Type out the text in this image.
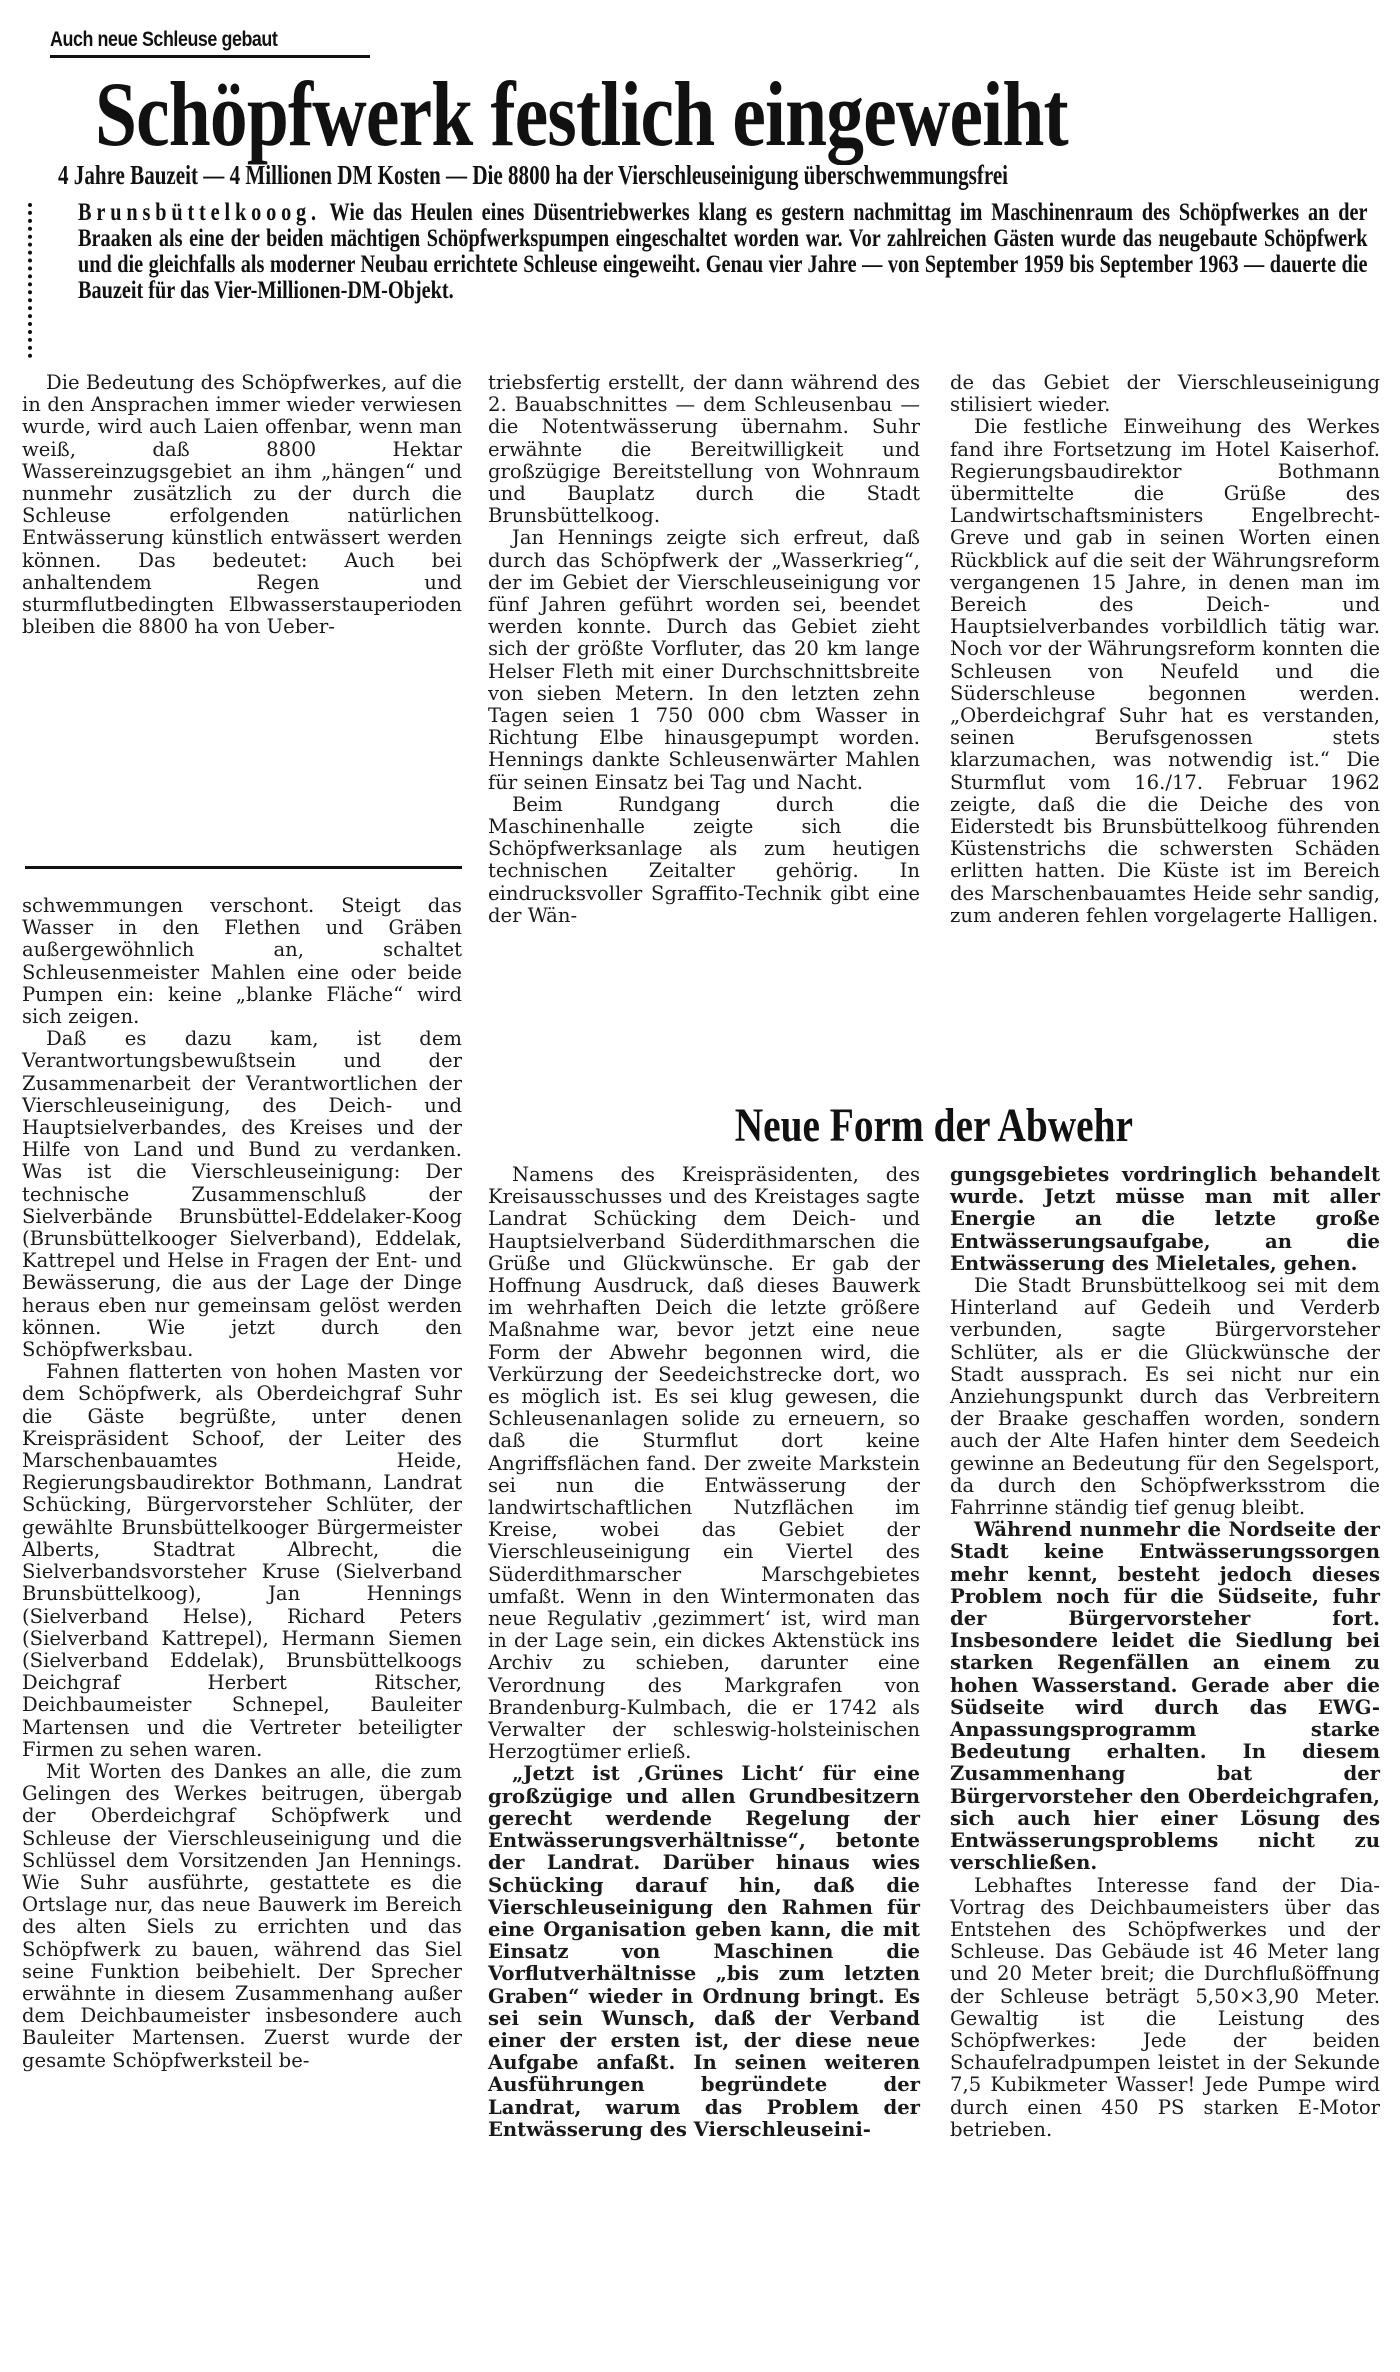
Auch neue Schleuse gebaut
Schöpfwerk festlich eingeweiht
4 Jahre Bauzeit — 4 Millionen DM Kosten — Die 8800 ha der Vierschleuseinigung überschwemmungsfrei
Brunsbüttelkooog. Wie das Heulen eines Düsentriebwerkes klang es gestern nachmittag im Maschinenraum des Schöpfwerkes an der Braaken als eine der beiden mächtigen Schöpfwerkspumpen eingeschaltet worden war. Vor zahlreichen Gästen wurde das neugebaute Schöpfwerk und die gleichfalls als moderner Neubau errichtete Schleuse eingeweiht. Genau vier Jahre — von September 1959 bis September 1963 — dauerte die Bauzeit für das Vier-Millionen-DM-Objekt.

Die Bedeutung des Schöpfwerkes, auf die in den Ansprachen immer wieder verwiesen wurde, wird auch Laien offenbar, wenn man weiß, daß 8800 Hektar Wassereinzugsgebiet an ihm „hängen“ und nunmehr zusätzlich zu der durch die Schleuse erfolgenden natürlichen Entwässerung künstlich entwässert werden können. Das bedeutet: Auch bei anhaltendem Regen und sturmflutbedingten Elbwasserstauperioden bleiben die 8800 ha von Ueber-

schwemmungen verschont. Steigt das Wasser in den Flethen und Gräben außergewöhnlich an, schaltet Schleusenmeister Mahlen eine oder beide Pumpen ein: keine „blanke Fläche“ wird sich zeigen.

Daß es dazu kam, ist dem Verantwortungsbewußtsein und der Zusammenarbeit der Verantwortlichen der Vierschleuseinigung, des Deich- und Hauptsielverbandes, des Kreises und der Hilfe von Land und Bund zu verdanken. Was ist die Vierschleuseinigung: Der technische Zusammenschluß der Sielverbände Brunsbüttel-Eddelaker-Koog (Brunsbüttelkooger Sielverband), Eddelak, Kattrepel und Helse in Fragen der Ent- und Bewässerung, die aus der Lage der Dinge heraus eben nur gemeinsam gelöst werden können. Wie jetzt durch den Schöpfwerksbau.

Fahnen flatterten von hohen Masten vor dem Schöpfwerk, als Oberdeichgraf Suhr die Gäste begrüßte, unter denen Kreispräsident Schoof, der Leiter des Marschenbauamtes Heide, Regierungsbaudirektor Bothmann, Landrat Schücking, Bürgervorsteher Schlüter, der gewählte Brunsbüttelkooger Bürgermeister Alberts, Stadtrat Albrecht, die Sielverbandsvorsteher Kruse (Sielverband Brunsbüttelkoog), Jan Hennings (Sielverband Helse), Richard Peters (Sielverband Kattrepel), Hermann Siemen (Sielverband Eddelak), Brunsbüttelkoogs Deichgraf Herbert Ritscher, Deichbaumeister Schnepel, Bauleiter Martensen und die Vertreter beteiligter Firmen zu sehen waren.

Mit Worten des Dankes an alle, die zum Gelingen des Werkes beitrugen, übergab der Oberdeichgraf Schöpfwerk und Schleuse der Vierschleuseinigung und die Schlüssel dem Vorsitzenden Jan Hennings. Wie Suhr ausführte, gestattete es die Ortslage nur, das neue Bauwerk im Bereich des alten Siels zu errichten und das Schöpfwerk zu bauen, während das Siel seine Funktion beibehielt. Der Sprecher erwähnte in diesem Zusammenhang außer dem Deichbaumeister insbesondere auch Bauleiter Martensen. Zuerst wurde der gesamte Schöpfwerksteil be-

triebsfertig erstellt, der dann während des 2. Bauabschnittes — dem Schleusenbau — die Notentwässerung übernahm. Suhr erwähnte die Bereitwilligkeit und großzügige Bereitstellung von Wohnraum und Bauplatz durch die Stadt Brunsbüttelkoog.

Jan Hennings zeigte sich erfreut, daß durch das Schöpfwerk der „Wasserkrieg“, der im Gebiet der Vierschleuseinigung vor fünf Jahren geführt worden sei, beendet werden konnte. Durch das Gebiet zieht sich der größte Vorfluter, das 20 km lange Helser Fleth mit einer Durchschnittsbreite von sieben Metern. In den letzten zehn Tagen seien 1 750 000 cbm Wasser in Richtung Elbe hinausgepumpt worden. Hennings dankte Schleusenwärter Mahlen für seinen Einsatz bei Tag und Nacht.

Beim Rundgang durch die Maschinenhalle zeigte sich die Schöpfwerksanlage als zum heutigen technischen Zeitalter gehörig. In eindrucksvoller Sgraffito-Technik gibt eine der Wän-

de das Gebiet der Vierschleuseinigung stilisiert wieder.

Die festliche Einweihung des Werkes fand ihre Fortsetzung im Hotel Kaiserhof. Regierungsbaudirektor Bothmann übermittelte die Grüße des Landwirtschaftsministers Engelbrecht-Greve und gab in seinen Worten einen Rückblick auf die seit der Währungsreform vergangenen 15 Jahre, in denen man im Bereich des Deich- und Hauptsielverbandes vorbildlich tätig war. Noch vor der Währungsreform konnten die Schleusen von Neufeld und die Süderschleuse begonnen werden. „Oberdeichgraf Suhr hat es verstanden, seinen Berufsgenossen stets klarzumachen, was notwendig ist.“ Die Sturmflut vom 16./17. Februar 1962 zeigte, daß die die Deiche des von Eiderstedt bis Brunsbüttelkoog führenden Küstenstrichs die schwersten Schäden erlitten hatten. Die Küste ist im Bereich des Marschenbauamtes Heide sehr sandig, zum anderen fehlen vorgelagerte Halligen.

Neue Form der Abwehr

Namens des Kreispräsidenten, des Kreisausschusses und des Kreistages sagte Landrat Schücking dem Deich- und Hauptsielverband Süderdithmarschen die Grüße und Glückwünsche. Er gab der Hoffnung Ausdruck, daß dieses Bauwerk im wehrhaften Deich die letzte größere Maßnahme war, bevor jetzt eine neue Form der Abwehr begonnen wird, die Verkürzung der Seedeichstrecke dort, wo es möglich ist. Es sei klug gewesen, die Schleusenanlagen solide zu erneuern, so daß die Sturmflut dort keine Angriffsflächen fand. Der zweite Markstein sei nun die Entwässerung der landwirtschaftlichen Nutzflächen im Kreise, wobei das Gebiet der Vierschleuseinigung ein Viertel des Süderdithmarscher Marschgebietes umfaßt. Wenn in den Wintermonaten das neue Regulativ ‚gezimmert‘ ist, wird man in der Lage sein, ein dickes Aktenstück ins Archiv zu schieben, darunter eine Verordnung des Markgrafen von Brandenburg-Kulmbach, die er 1742 als Verwalter der schleswig-holsteinischen Herzogtümer erließ.

„Jetzt ist ‚Grünes Licht‘ für eine großzügige und allen Grundbesitzern gerecht werdende Regelung der Entwässerungsverhältnisse“, betonte der Landrat. Darüber hinaus wies Schücking darauf hin, daß die Vierschleuseinigung den Rahmen für eine Organisation geben kann, die mit Einsatz von Maschinen die Vorflutverhältnisse „bis zum letzten Graben“ wieder in Ordnung bringt. Es sei sein Wunsch, daß der Verband einer der ersten ist, der diese neue Aufgabe anfaßt. In seinen weiteren Ausführungen begründete der Landrat, warum das Problem der Entwässerung des Vierschleuseini-

gungsgebietes vordringlich behandelt wurde. Jetzt müsse man mit aller Energie an die letzte große Entwässerungsaufgabe, an die Entwässerung des Mieletales, gehen.

Die Stadt Brunsbüttelkoog sei mit dem Hinterland auf Gedeih und Verderb verbunden, sagte Bürgervorsteher Schlüter, als er die Glückwünsche der Stadt aussprach. Es sei nicht nur ein Anziehungspunkt durch das Verbreitern der Braake geschaffen worden, sondern auch der Alte Hafen hinter dem Seedeich gewinne an Bedeutung für den Segelsport, da durch den Schöpfwerksstrom die Fahrrinne ständig tief genug bleibt.

Während nunmehr die Nordseite der Stadt keine Entwässerungssorgen mehr kennt, besteht jedoch dieses Problem noch für die Südseite, fuhr der Bürgervorsteher fort. Insbesondere leidet die Siedlung bei starken Regenfällen an einem zu hohen Wasserstand. Gerade aber die Südseite wird durch das EWG-Anpassungsprogramm starke Bedeutung erhalten. In diesem Zusammenhang bat der Bürgervorsteher den Oberdeichgrafen, sich auch hier einer Lösung des Entwässerungsproblems nicht zu verschließen.

Lebhaftes Interesse fand der Dia-Vortrag des Deichbaumeisters über das Entstehen des Schöpfwerkes und der Schleuse. Das Gebäude ist 46 Meter lang und 20 Meter breit; die Durchflußöffnung der Schleuse beträgt 5,50×3,90 Meter. Gewaltig ist die Leistung des Schöpfwerkes: Jede der beiden Schaufelradpumpen leistet in der Sekunde 7,5 Kubikmeter Wasser! Jede Pumpe wird durch einen 450 PS starken E-Motor betrieben.
